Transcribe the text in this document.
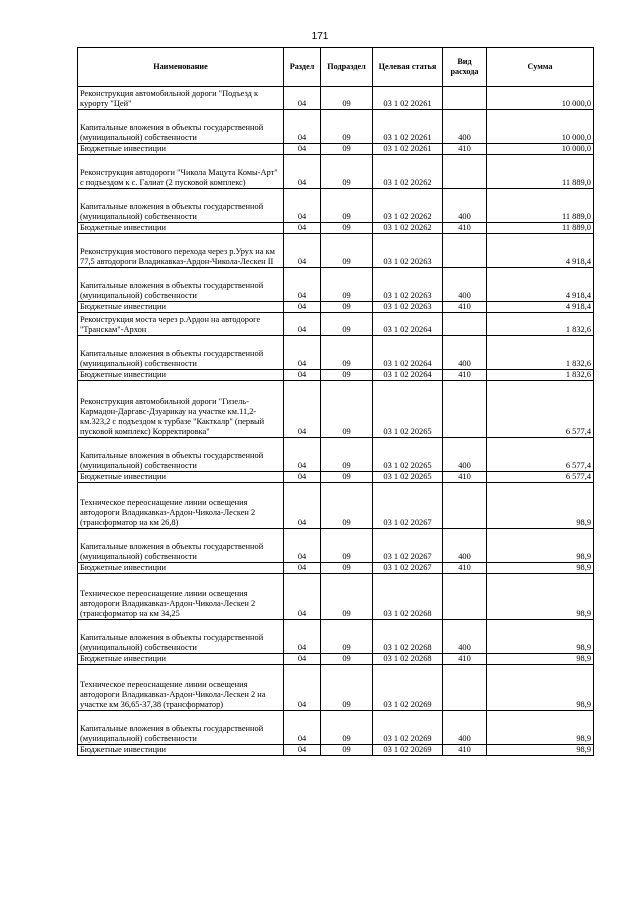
171
Наименование	Раздел	Подраздел	Целевая статья	Вид расхода	Сумма
Реконструкция автомобильной дороги "Подъезд к курорту "Цей"	04	09	03 1 02 20261		10 000,0
Капитальные вложения в объекты государственной (муниципальной) собственности	04	09	03 1 02 20261	400	10 000,0
Бюджетные инвестиции	04	09	03 1 02 20261	410	10 000,0
Реконструкция автодороги "Чикола Мацута Комы-Арт" с подъездом к с. Галиат (2 пусковой комплекс)	04	09	03 1 02 20262		11 889,0
Капитальные вложения в объекты государственной (муниципальной) собственности	04	09	03 1 02 20262	400	11 889,0
Бюджетные инвестиции	04	09	03 1 02 20262	410	11 889,0
Реконструкция мостового перехода через р.Урух на км 77,5 автодороги Владикавказ-Ардон-Чикола-Лескен II	04	09	03 1 02 20263		4 918,4
Капитальные вложения в объекты государственной (муниципальной) собственности	04	09	03 1 02 20263	400	4 918,4
Бюджетные инвестиции	04	09	03 1 02 20263	410	4 918,4
Реконструкция моста через р.Ардон на автодороге "Транскам"-Архон	04	09	03 1 02 20264		1 832,6
Капитальные вложения в объекты государственной (муниципальной) собственности	04	09	03 1 02 20264	400	1 832,6
Бюджетные инвестиции	04	09	03 1 02 20264	410	1 832,6
Реконструкция автомобильной дороги "Гизель-Кармадон-Даргавс-Дзуарикау на участке км.11,2-км.323,2 с подъездом к турбазе "Какткалр" (первый пусковой комплекс) Корректировка"	04	09	03 1 02 20265		6 577,4
Капитальные вложения в объекты государственной (муниципальной) собственности	04	09	03 1 02 20265	400	6 577,4
Бюджетные инвестиции	04	09	03 1 02 20265	410	6 577,4
Техническое переоснащение линии освещения автодороги Владикавказ-Ардон-Чикола-Лескен 2 (трансформатор на км 26,8)	04	09	03 1 02 20267		98,9
Капитальные вложения в объекты государственной (муниципальной) собственности	04	09	03 1 02 20267	400	98,9
Бюджетные инвестиции	04	09	03 1 02 20267	410	98,9
Техническое переоснащение линии освещения автодороги Владикавказ-Ардон-Чикола-Лескен 2 (трансформатор на км 34,25	04	09	03 1 02 20268		98,9
Капитальные вложения в объекты государственной (муниципальной) собственности	04	09	03 1 02 20268	400	98,9
Бюджетные инвестиции	04	09	03 1 02 20268	410	98,9
Техническое переоснащение линии освещения автодороги Владикавказ-Ардон-Чикола-Лескен 2 на участке км 36,65-37,38 (трансформатор)	04	09	03 1 02 20269		98,9
Капитальные вложения в объекты государственной (муниципальной) собственности	04	09	03 1 02 20269	400	98,9
Бюджетные инвестиции	04	09	03 1 02 20269	410	98,9
